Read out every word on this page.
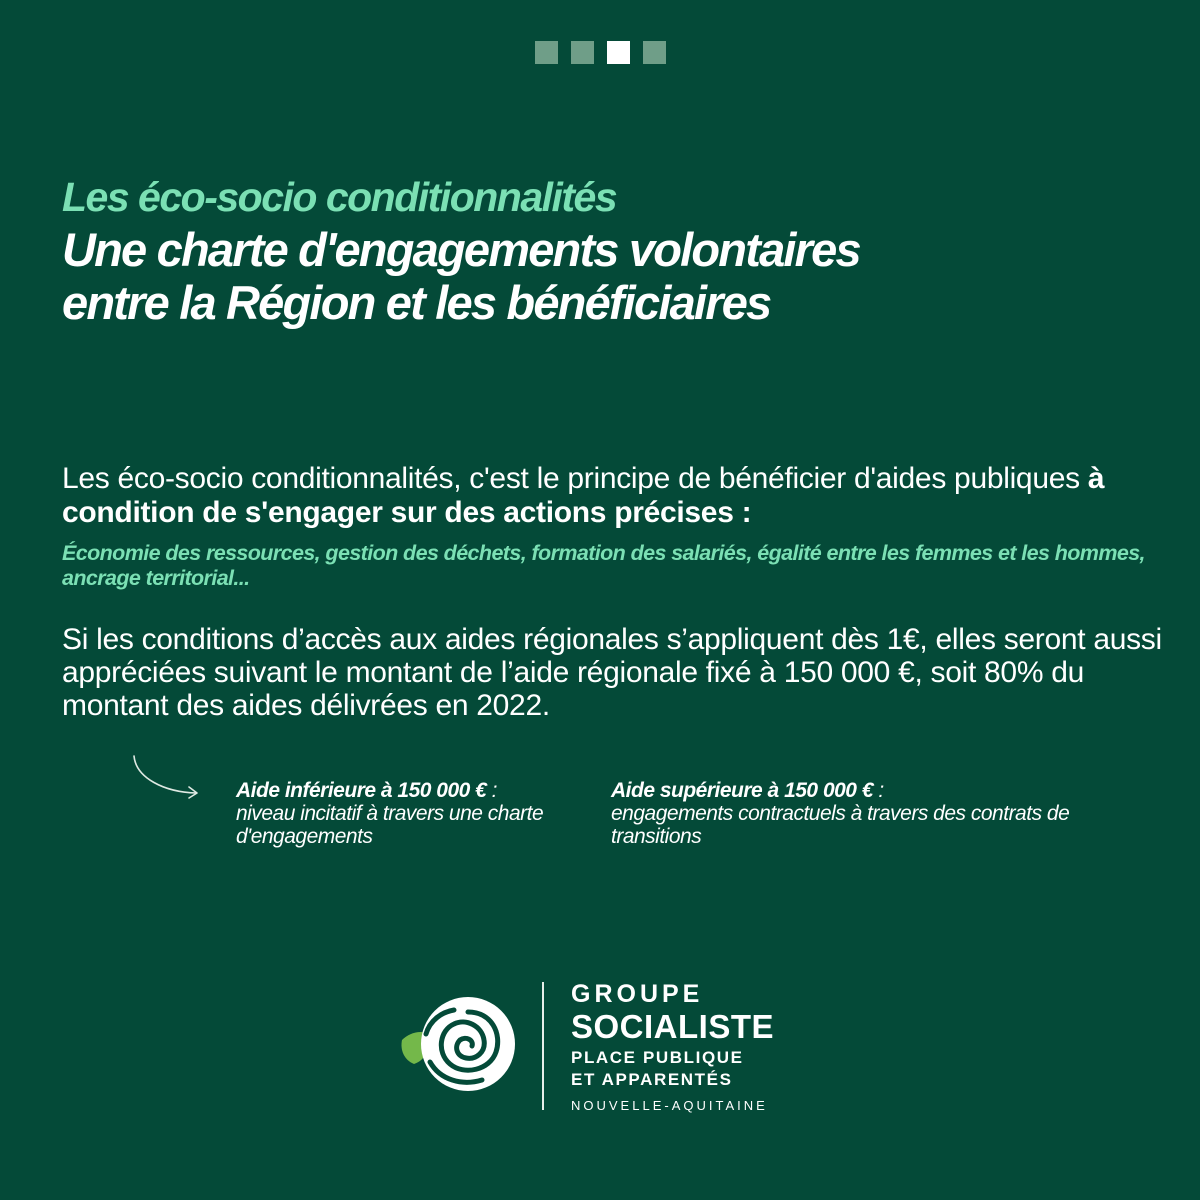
Les éco-socio conditionnalités
Une charte d'engagements volontaires
entre la Région et les bénéficiaires
Les éco-socio conditionnalités, c'est le principe de bénéficier d'aides publiques à condition de s'engager sur des actions précises :
Économie des ressources, gestion des déchets, formation des salariés, égalité entre les femmes et les hommes, ancrage territorial...
Si les conditions d’accès aux aides régionales s’appliquent dès 1€, elles seront aussi appréciées suivant le montant de l’aide régionale fixé à 150 000 €, soit 80% du montant des aides délivrées en 2022.
Aide inférieure à 150 000 € :
niveau incitatif à travers une charte d'engagements
Aide supérieure à 150 000 € :
engagements contractuels à travers des contrats de transitions
GROUPE
SOCIALISTE
PLACE PUBLIQUE
ET APPARENTÉS
NOUVELLE-AQUITAINE
